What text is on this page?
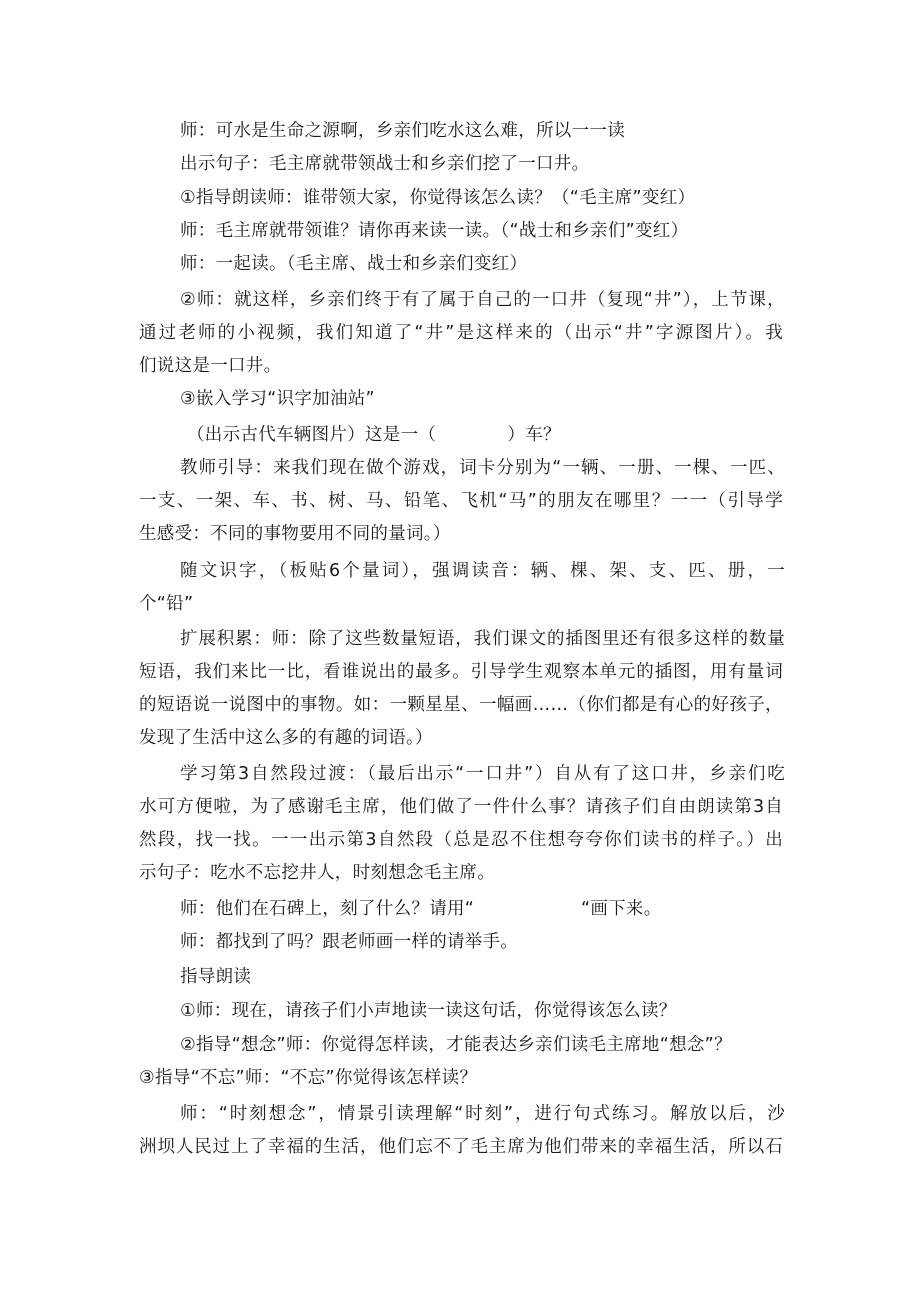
师：可水是生命之源啊，乡亲们吃水这么难，所以一一读
出示句子：毛主席就带领战士和乡亲们挖了一口井。
①指导朗读师：谁带领大家，你觉得该怎么读？（“毛主席”变红）
师：毛主席就带领谁？请你再来读一读。（“战士和乡亲们”变红）
师：一起读。（毛主席、战士和乡亲们变红）
②师：就这样，乡亲们终于有了属于自己的一口井（复现“井”），上节课，
通过老师的小视频，我们知道了“井”是这样来的（出示“井”字源图片）。我
们说这是一口井。
③嵌入学习“识字加油站”
（出示古代车辆图片）这是一（　　　　）车？
教师引导：来我们现在做个游戏，词卡分别为“一辆、一册、一棵、一匹、
一支、一架、车、书、树、马、铅笔、飞机“马”的朋友在哪里？一一（引导学
生感受：不同的事物要用不同的量词。）
随文识字，（板贴6个量词），强调读音：辆、棵、架、支、匹、册，一
个“铅”
扩展积累：师：除了这些数量短语，我们课文的插图里还有很多这样的数量
短语，我们来比一比，看谁说出的最多。引导学生观察本单元的插图，用有量词
的短语说一说图中的事物。如：一颗星星、一幅画……（你们都是有心的好孩子，
发现了生活中这么多的有趣的词语。）
学习第3自然段过渡：（最后出示“一口井”）自从有了这口井，乡亲们吃
水可方便啦，为了感谢毛主席，他们做了一件什么事？请孩子们自由朗读第3自
然段，找一找。一一出示第3自然段（总是忍不住想夸夸你们读书的样子。）出
示句子：吃水不忘挖井人，时刻想念毛主席。
师：他们在石碑上，刻了什么？请用“　　　　　　“画下来。
师：都找到了吗？跟老师画一样的请举手。
指导朗读
①师：现在，请孩子们小声地读一读这句话，你觉得该怎么读？
②指导“想念”师：你觉得怎样读，才能表达乡亲们读毛主席地“想念”？
③指导“不忘”师：“不忘”你觉得该怎样读？
师：“时刻想念”，情景引读理解“时刻”，进行句式练习。解放以后，沙
洲坝人民过上了幸福的生活，他们忘不了毛主席为他们带来的幸福生活，所以石
